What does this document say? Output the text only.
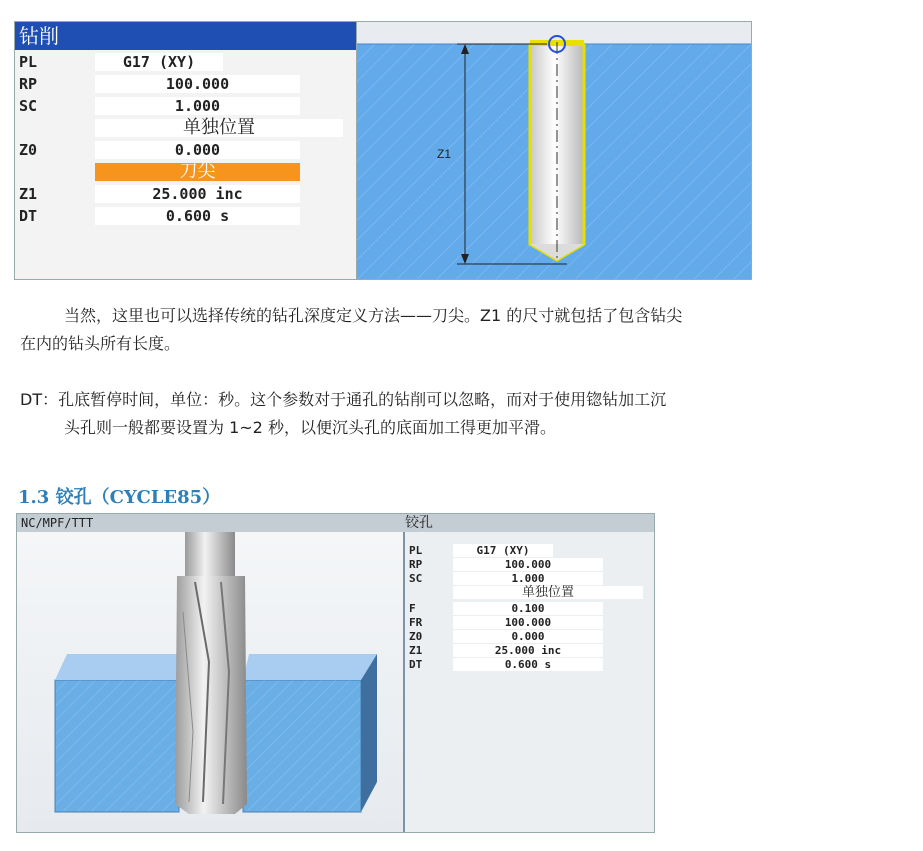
钻削
PL	G17 (XY)
RP	100.000
SC	1.000
单独位置
Z0	0.000
刀尖
Z1	25.000 inc
DT	0.600 s
Z1
当然，这里也可以选择传统的钻孔深度定义方法——刀尖。Z1 的尺寸就包括了包含钻尖
在内的钻头所有长度。
DT：孔底暂停时间，单位：秒。这个参数对于通孔的钻削可以忽略，而对于使用锪钻加工沉
头孔则一般都要设置为 1~2 秒，以便沉头孔的底面加工得更加平滑。
1.3 铰孔（CYCLE85）
NC/MPF/TTT	铰孔
PL	G17 (XY)
RP	100.000
SC	1.000
单独位置
F	0.100
FR	100.000
Z0	0.000
Z1	25.000 inc
DT	0.600 s
